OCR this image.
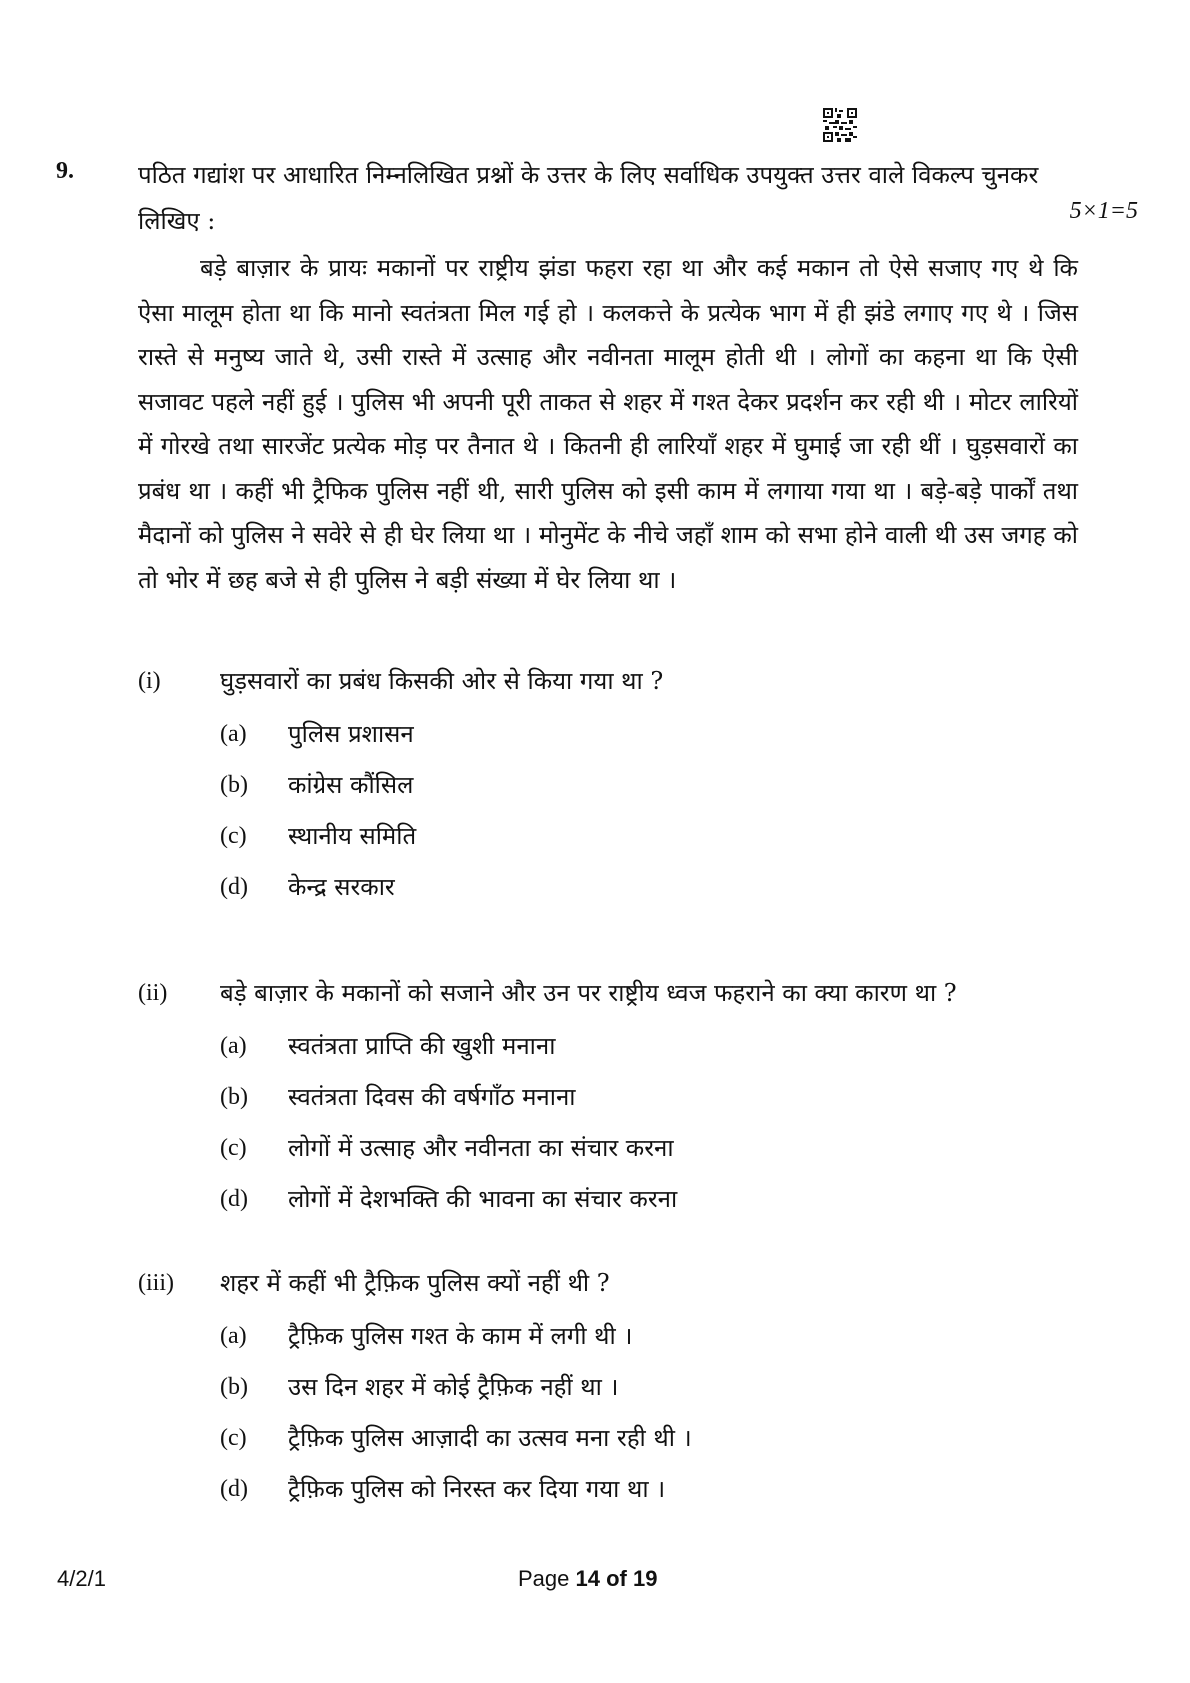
9.	पठित गद्यांश पर आधारित निम्नलिखित प्रश्नों के उत्तर के लिए सर्वाधिक उपयुक्त उत्तर वाले विकल्प चुनकर लिखिए :	5×1=5
बड़े बाज़ार के प्रायः मकानों पर राष्ट्रीय झंडा फहरा रहा था और कई मकान तो ऐसे सजाए गए थे कि ऐसा मालूम होता था कि मानो स्वतंत्रता मिल गई हो । कलकत्ते के प्रत्येक भाग में ही झंडे लगाए गए थे । जिस रास्ते से मनुष्य जाते थे, उसी रास्ते में उत्साह और नवीनता मालूम होती थी । लोगों का कहना था कि ऐसी सजावट पहले नहीं हुई । पुलिस भी अपनी पूरी ताकत से शहर में गश्त देकर प्रदर्शन कर रही थी । मोटर लारियों में गोरखे तथा सारजेंट प्रत्येक मोड़ पर तैनात थे । कितनी ही लारियाँ शहर में घुमाई जा रही थीं । घुड़सवारों का प्रबंध था । कहीं भी ट्रैफिक पुलिस नहीं थी, सारी पुलिस को इसी काम में लगाया गया था । बड़े-बड़े पार्कों तथा मैदानों को पुलिस ने सवेरे से ही घेर लिया था । मोनुमेंट के नीचे जहाँ शाम को सभा होने वाली थी उस जगह को तो भोर में छह बजे से ही पुलिस ने बड़ी संख्या में घेर लिया था ।
(i) घुड़सवारों का प्रबंध किसकी ओर से किया गया था ?
(a)	पुलिस प्रशासन
(b)	कांग्रेस कौंसिल
(c)	स्थानीय समिति
(d)	केन्द्र सरकार
(ii) बड़े बाज़ार के मकानों को सजाने और उन पर राष्ट्रीय ध्वज फहराने का क्या कारण था ?
(a)	स्वतंत्रता प्राप्ति की खुशी मनाना
(b)	स्वतंत्रता दिवस की वर्षगाँठ मनाना
(c)	लोगों में उत्साह और नवीनता का संचार करना
(d)	लोगों में देशभक्ति की भावना का संचार करना
(iii) शहर में कहीं भी ट्रैफ़िक पुलिस क्यों नहीं थी ?
(a)	ट्रैफ़िक पुलिस गश्त के काम में लगी थी ।
(b)	उस दिन शहर में कोई ट्रैफ़िक नहीं था ।
(c)	ट्रैफ़िक पुलिस आज़ादी का उत्सव मना रही थी ।
(d)	ट्रैफ़िक पुलिस को निरस्त कर दिया गया था ।
4/2/1	Page 14 of 19
